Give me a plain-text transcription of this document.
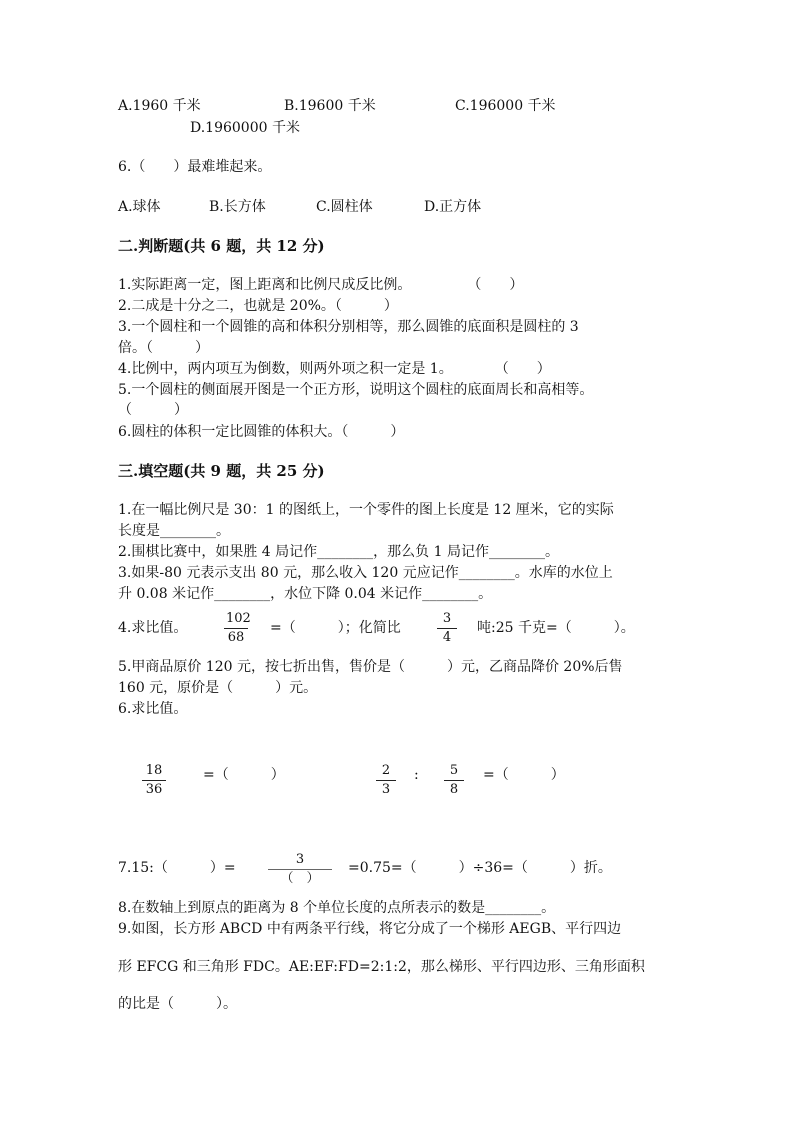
A.1960 千米	B.19600 千米	C.196000 千米
D.1960000 千米
6.（　　）最难堆起来。
A.球体	B.长方体	C.圆柱体	D.正方体
二.判断题(共 6 题，共 12 分)
1.实际距离一定，图上距离和比例尺成反比例。　　　　　（　　）
2.二成是十分之二，也就是 20%。（　　　）
3.一个圆柱和一个圆锥的高和体积分别相等，那么圆锥的底面积是圆柱的 3
倍。（　　　）
4.比例中，两内项互为倒数，则两外项之积一定是 1。　　　　（　　）
5.一个圆柱的侧面展开图是一个正方形，说明这个圆柱的底面周长和高相等。
（　　　）
6.圆柱的体积一定比圆锥的体积大。（　　　）
三.填空题(共 9 题，共 25 分)
1.在一幅比例尺是 30：1 的图纸上，一个零件的图上长度是 12 厘米，它的实际
长度是________。
2.围棋比赛中，如果胜 4 局记作________，那么负 1 局记作________。
3.如果-80 元表示支出 80 元，那么收入 120 元应记作________。水库的水位上
升 0.08 米记作________，水位下降 0.04 米记作________。
4.求比值。	$\frac{102}{68}$ =（　　　）；化简比	$\frac{3}{4}$ 吨:25 千克=（　　　）。
5.甲商品原价 120 元，按七折出售，售价是（　　　）元，乙商品降价 20%后售
160 元，原价是（　　　）元。
6.求比值。
$\frac{18}{36}$	=（　　　）	$\frac{2}{3}$ : $\frac{5}{8}$ =（　　　）
7.15:（　　　）=
3
（　）
=0.75=（　　　）÷36=（　　　）折。
8.在数轴上到原点的距离为 8 个单位长度的点所表示的数是________。
9.如图，长方形 ABCD 中有两条平行线，将它分成了一个梯形 AEGB、平行四边
形 EFCG 和三角形 FDC。AE:EF:FD=2:1:2，那么梯形、平行四边形、三角形面积
的比是（　　　）。
